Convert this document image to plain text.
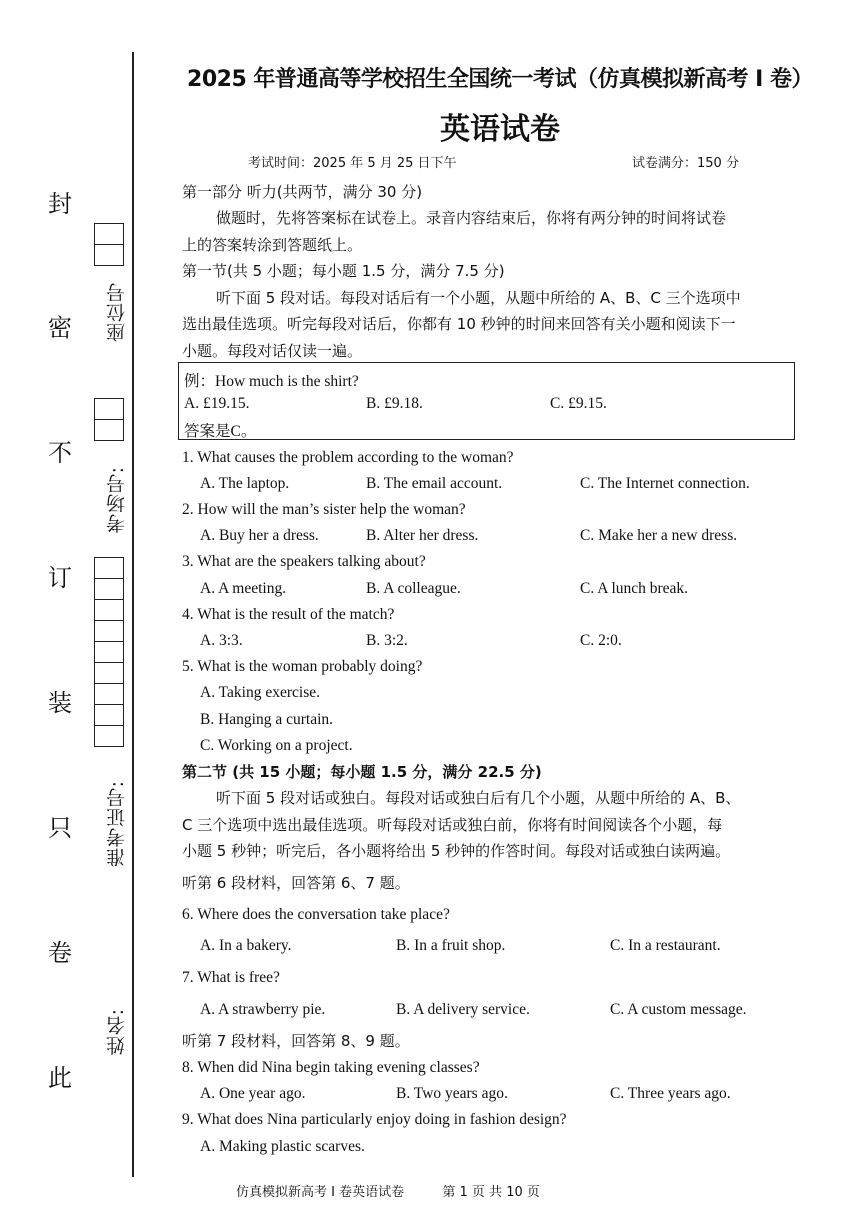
封
密
不
订
装
只
卷
此
座位号
考场号:
准考证号:
姓名:
2025 年普通高等学校招生全国统一考试（仿真模拟新高考 I 卷）
英语试卷
考试时间：2025 年 5 月 25 日下午	试卷满分：150 分
第一部分 听力(共两节，满分 30 分)
做题时，先将答案标在试卷上。录音内容结束后，你将有两分钟的时间将试卷
上的答案转涂到答题纸上。
第一节(共 5 小题；每小题 1.5 分，满分 7.5 分)
听下面 5 段对话。每段对话后有一个小题，从题中所给的 A、B、C 三个选项中
选出最佳选项。听完每段对话后，你都有 10 秒钟的时间来回答有关小题和阅读下一
小题。每段对话仅读一遍。
例：How much is the shirt?
A. £19.15.	B. £9.18.	C. £9.15.
答案是C。
1. What causes the problem according to the woman?
A. The laptop.	B. The email account.	C. The Internet connection.
2. How will the man’s sister help the woman?
A. Buy her a dress.	B. Alter her dress.	C. Make her a new dress.
3. What are the speakers talking about?
A. A meeting.	B. A colleague.	C. A lunch break.
4. What is the result of the match?
A. 3:3.	B. 3:2.	C. 2:0.
5. What is the woman probably doing?
A. Taking exercise.
B. Hanging a curtain.
C. Working on a project.
第二节 (共 15 小题；每小题 1.5 分，满分 22.5 分)
听下面 5 段对话或独白。每段对话或独白后有几个小题，从题中所给的 A、B、
C 三个选项中选出最佳选项。听每段对话或独白前，你将有时间阅读各个小题，每
小题 5 秒钟；听完后，各小题将给出 5 秒钟的作答时间。每段对话或独白读两遍。
听第 6 段材料，回答第 6、7 题。
6. Where does the conversation take place?
A. In a bakery.	B. In a fruit shop.	C. In a restaurant.
7. What is free?
A. A strawberry pie.	B. A delivery service.	C. A custom message.
听第 7 段材料，回答第 8、9 题。
8. When did Nina begin taking evening classes?
A. One year ago.	B. Two years ago.	C. Three years ago.
9. What does Nina particularly enjoy doing in fashion design?
A. Making plastic scarves.
仿真模拟新高考 I 卷英语试卷	第 1 页 共 10 页
